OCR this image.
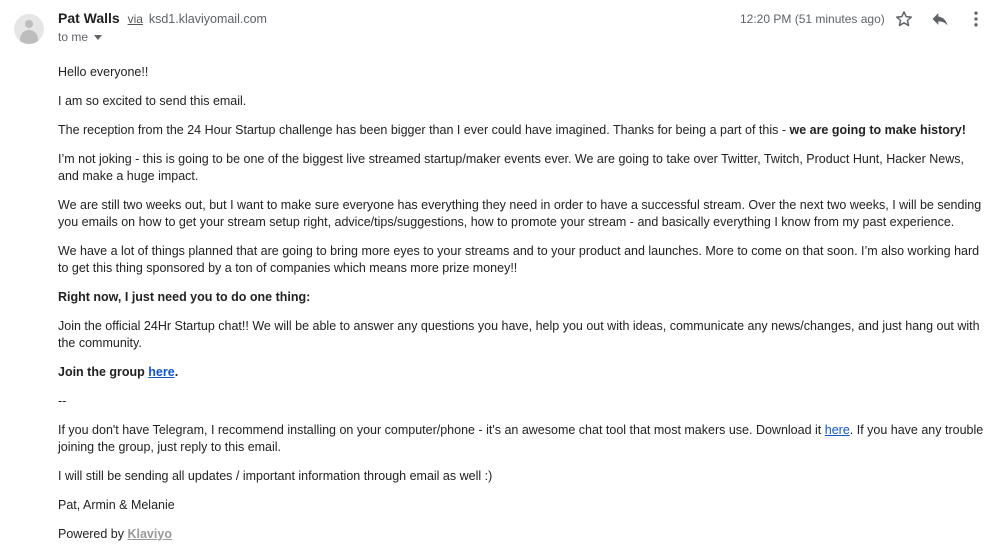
Pat Walls via ksd1.klaviyomail.com
to me
12:20 PM (51 minutes ago)

Hello everyone!!

I am so excited to send this email.

The reception from the 24 Hour Startup challenge has been bigger than I ever could have imagined. Thanks for being a part of this - we are going to make history!

I’m not joking - this is going to be one of the biggest live streamed startup/maker events ever. We are going to take over Twitter, Twitch, Product Hunt, Hacker News, and make a huge impact.

We are still two weeks out, but I want to make sure everyone has everything they need in order to have a successful stream. Over the next two weeks, I will be sending you emails on how to get your stream setup right, advice/tips/suggestions, how to promote your stream - and basically everything I know from my past experience.

We have a lot of things planned that are going to bring more eyes to your streams and to your product and launches. More to come on that soon. I’m also working hard to get this thing sponsored by a ton of companies which means more prize money!!

Right now, I just need you to do one thing:

Join the official 24Hr Startup chat!! We will be able to answer any questions you have, help you out with ideas, communicate any news/changes, and just hang out with the community.

Join the group here.

--

If you don't have Telegram, I recommend installing on your computer/phone - it's an awesome chat tool that most makers use. Download it here. If you have any trouble joining the group, just reply to this email.

I will still be sending all updates / important information through email as well :)

Pat, Armin & Melanie

Powered by Klaviyo
